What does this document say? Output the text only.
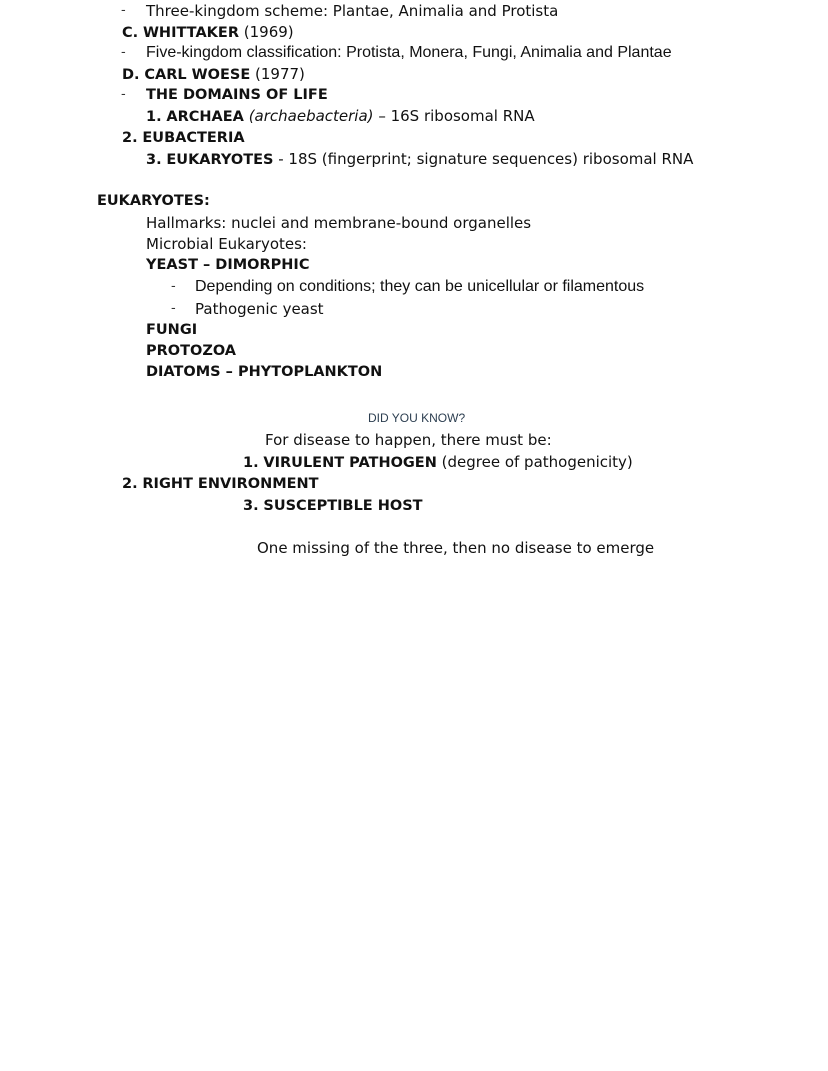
- Three-kingdom scheme: Plantae, Animalia and Protista
C. WHITTAKER (1969)
- Five-kingdom classification: Protista, Monera, Fungi, Animalia and Plantae
D. CARL WOESE (1977)
- THE DOMAINS OF LIFE
1. ARCHAEA (archaebacteria) – 16S ribosomal RNA
2. EUBACTERIA
3. EUKARYOTES - 18S (fingerprint; signature sequences) ribosomal RNA
EUKARYOTES:
Hallmarks: nuclei and membrane-bound organelles
Microbial Eukaryotes:
YEAST – DIMORPHIC
- Depending on conditions; they can be unicellular or filamentous
- Pathogenic yeast
FUNGI
PROTOZOA
DIATOMS – PHYTOPLANKTON
DID YOU KNOW?
For disease to happen, there must be:
1. VIRULENT PATHOGEN (degree of pathogenicity)
2. RIGHT ENVIRONMENT
3. SUSCEPTIBLE HOST
One missing of the three, then no disease to emerge
